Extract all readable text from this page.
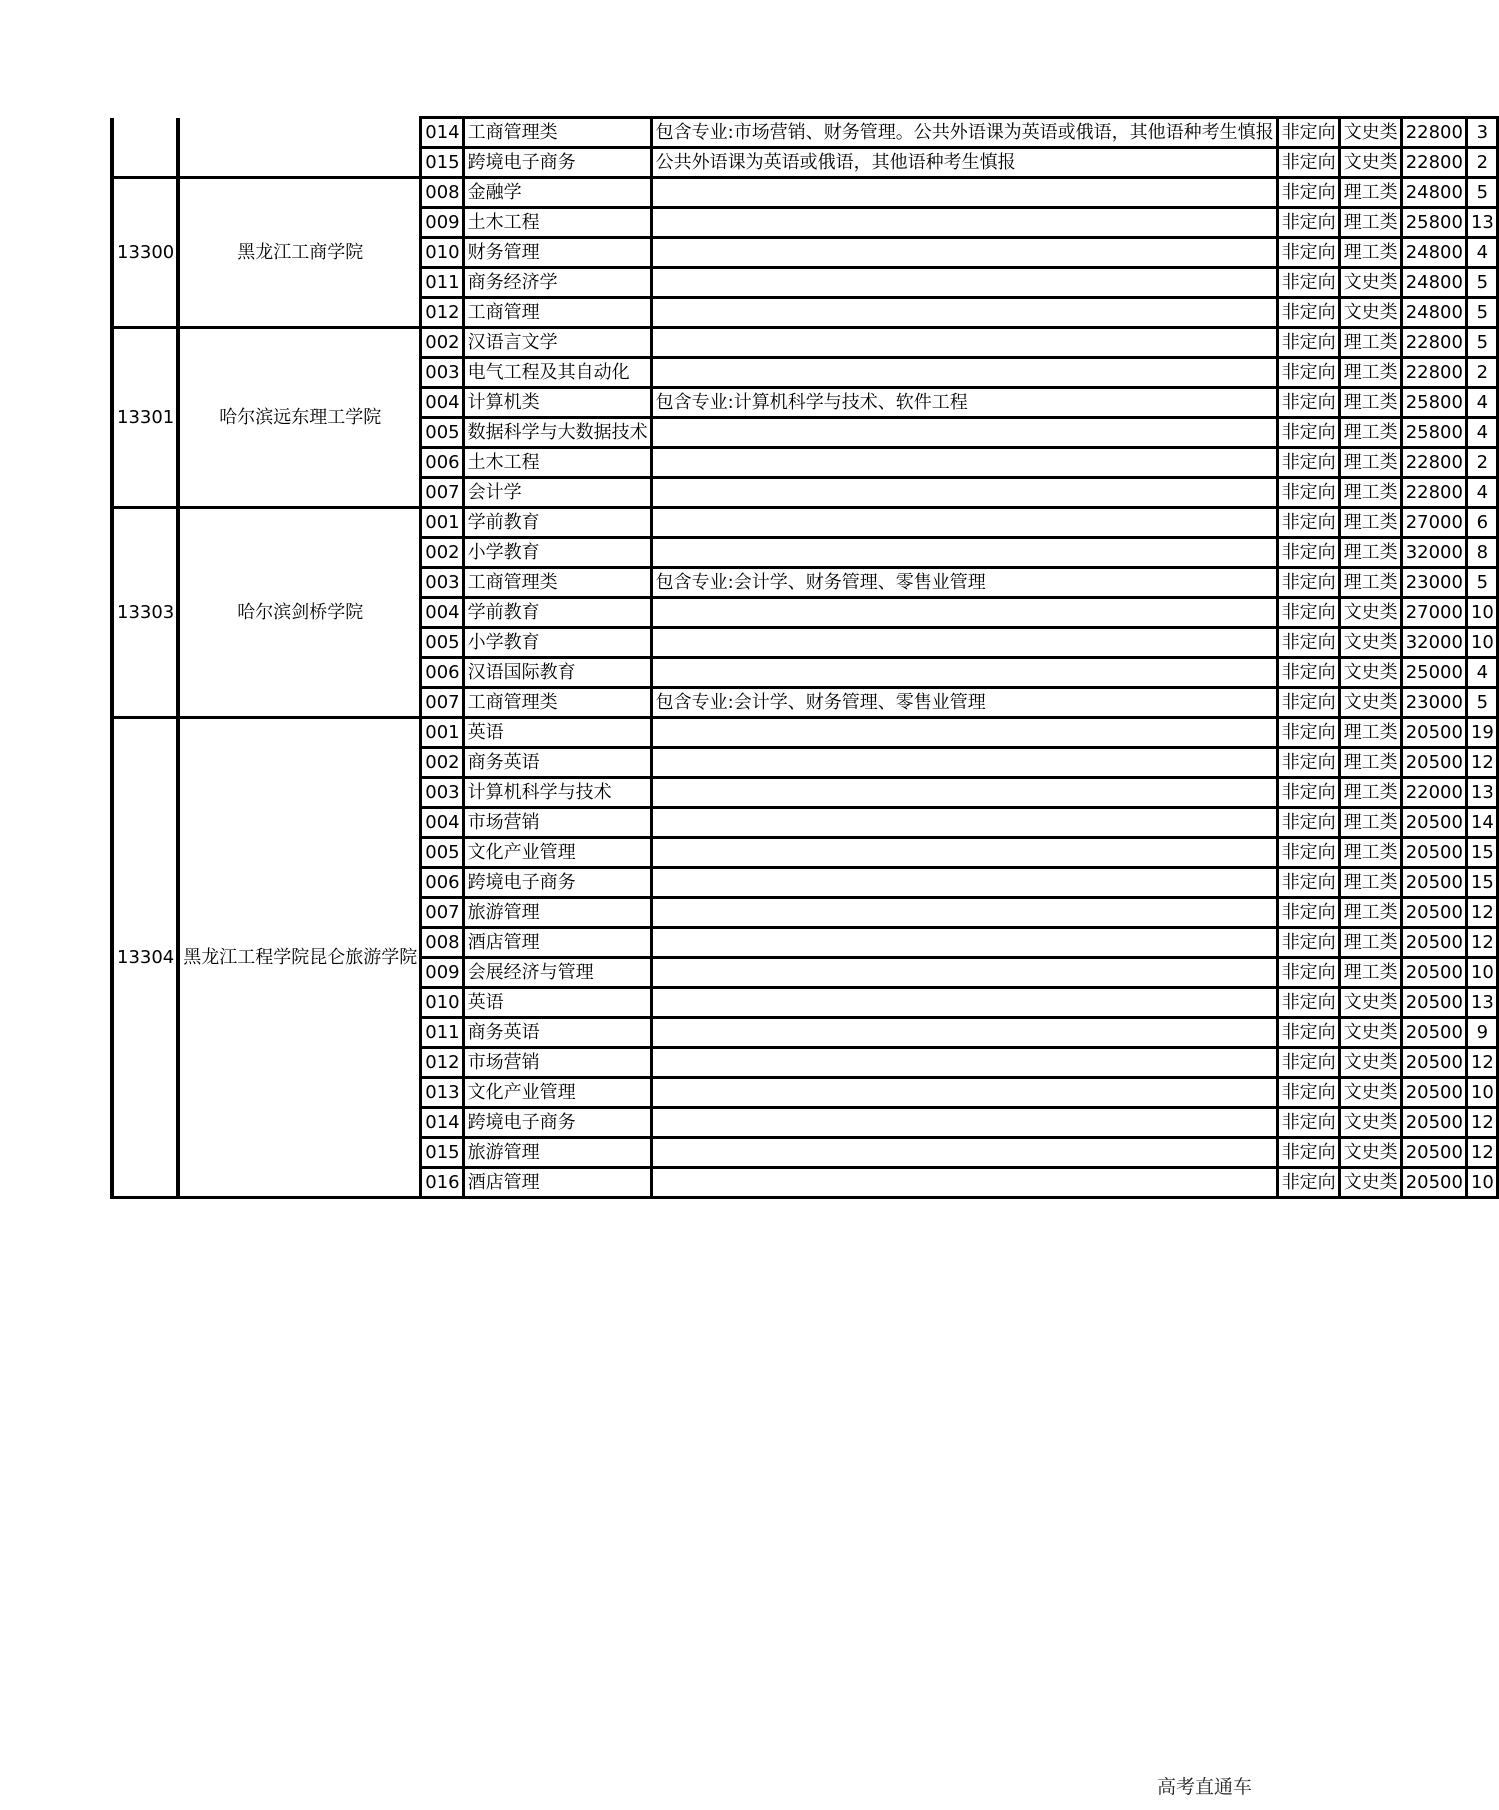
		014	工商管理类	包含专业:市场营销、财务管理。公共外语课为英语或俄语，其他语种考生慎报	非定向	文史类	22800	3

		015	跨境电子商务	公共外语课为英语或俄语，其他语种考生慎报	非定向	文史类	22800	2

13300	黑龙江工商学院	008	金融学		非定向	理工类	24800	5

		009	土木工程		非定向	理工类	25800	13

		010	财务管理		非定向	理工类	24800	4

		011	商务经济学		非定向	文史类	24800	5

		012	工商管理		非定向	文史类	24800	5

13301	哈尔滨远东理工学院	002	汉语言文学		非定向	理工类	22800	5

		003	电气工程及其自动化		非定向	理工类	22800	2

		004	计算机类	包含专业:计算机科学与技术、软件工程	非定向	理工类	25800	4

		005	数据科学与大数据技术		非定向	理工类	25800	4

		006	土木工程		非定向	理工类	22800	2

		007	会计学		非定向	理工类	22800	4

13303	哈尔滨剑桥学院	001	学前教育		非定向	理工类	27000	6

		002	小学教育		非定向	理工类	32000	8

		003	工商管理类	包含专业:会计学、财务管理、零售业管理	非定向	理工类	23000	5

		004	学前教育		非定向	文史类	27000	10

		005	小学教育		非定向	文史类	32000	10

		006	汉语国际教育		非定向	文史类	25000	4

		007	工商管理类	包含专业:会计学、财务管理、零售业管理	非定向	文史类	23000	5

13304	黑龙江工程学院昆仑旅游学院	001	英语		非定向	理工类	20500	19

		002	商务英语		非定向	理工类	20500	12

		003	计算机科学与技术		非定向	理工类	22000	13

		004	市场营销		非定向	理工类	20500	14

		005	文化产业管理		非定向	理工类	20500	15

		006	跨境电子商务		非定向	理工类	20500	15

		007	旅游管理		非定向	理工类	20500	12

		008	酒店管理		非定向	理工类	20500	12

		009	会展经济与管理		非定向	理工类	20500	10

		010	英语		非定向	文史类	20500	13

		011	商务英语		非定向	文史类	20500	9

		012	市场营销		非定向	文史类	20500	12

		013	文化产业管理		非定向	文史类	20500	10

		014	跨境电子商务		非定向	文史类	20500	12

		015	旅游管理		非定向	文史类	20500	12

		016	酒店管理		非定向	文史类	20500	10
高考直通车
